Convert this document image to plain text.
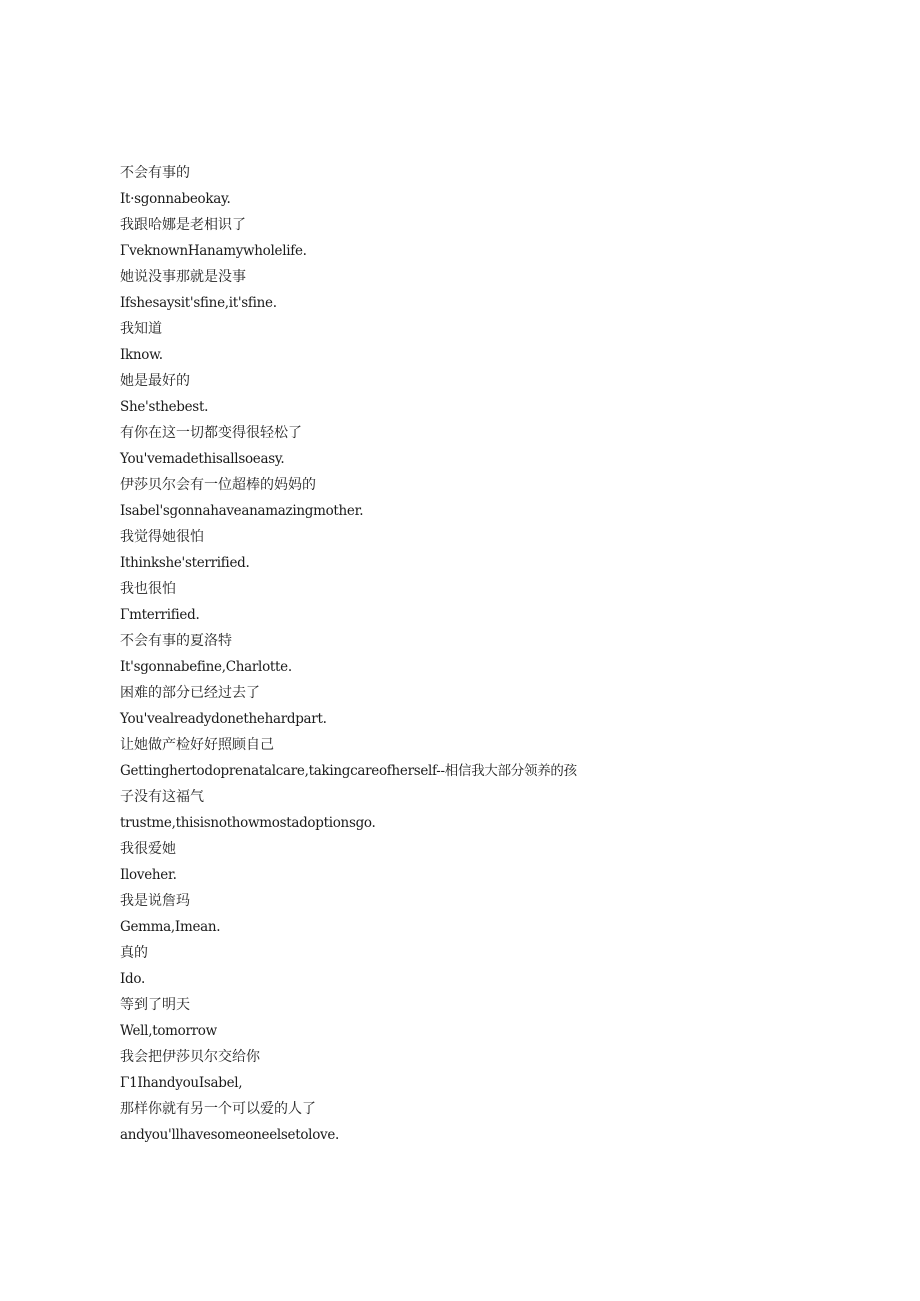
不会有事的
It·sgonnabeokay.
我跟哈娜是老相识了
ΓveknownHanamywholelife.
她说没事那就是没事
Ifshesaysit'sfine,it'sfine.
我知道
Iknow.
她是最好的
She'sthebest.
有你在这一切都变得很轻松了
You'vemadethisallsoeasy.
伊莎贝尔会有一位超棒的妈妈的
Isabel'sgonnahaveanamazingmother.
我觉得她很怕
Ithinkshe'sterrified.
我也很怕
Γmterrified.
不会有事的夏洛特
It'sgonnabefine,Charlotte.
困难的部分已经过去了
You'vealreadydonethehardpart.
让她做产检好好照顾自己
Gettinghertodoprenatalcare,takingcareofherself--相信我大部分领养的孩
子没有这福气
trustme,thisisnothowmostadoptionsgo.
我很爱她
Iloveher.
我是说詹玛
Gemma,Imean.
真的
Ido.
等到了明天
Well,tomorrow
我会把伊莎贝尔交给你
Γ1IhandyouIsabel,
那样你就有另一个可以爱的人了
andyou'llhavesomeoneelsetolove.
